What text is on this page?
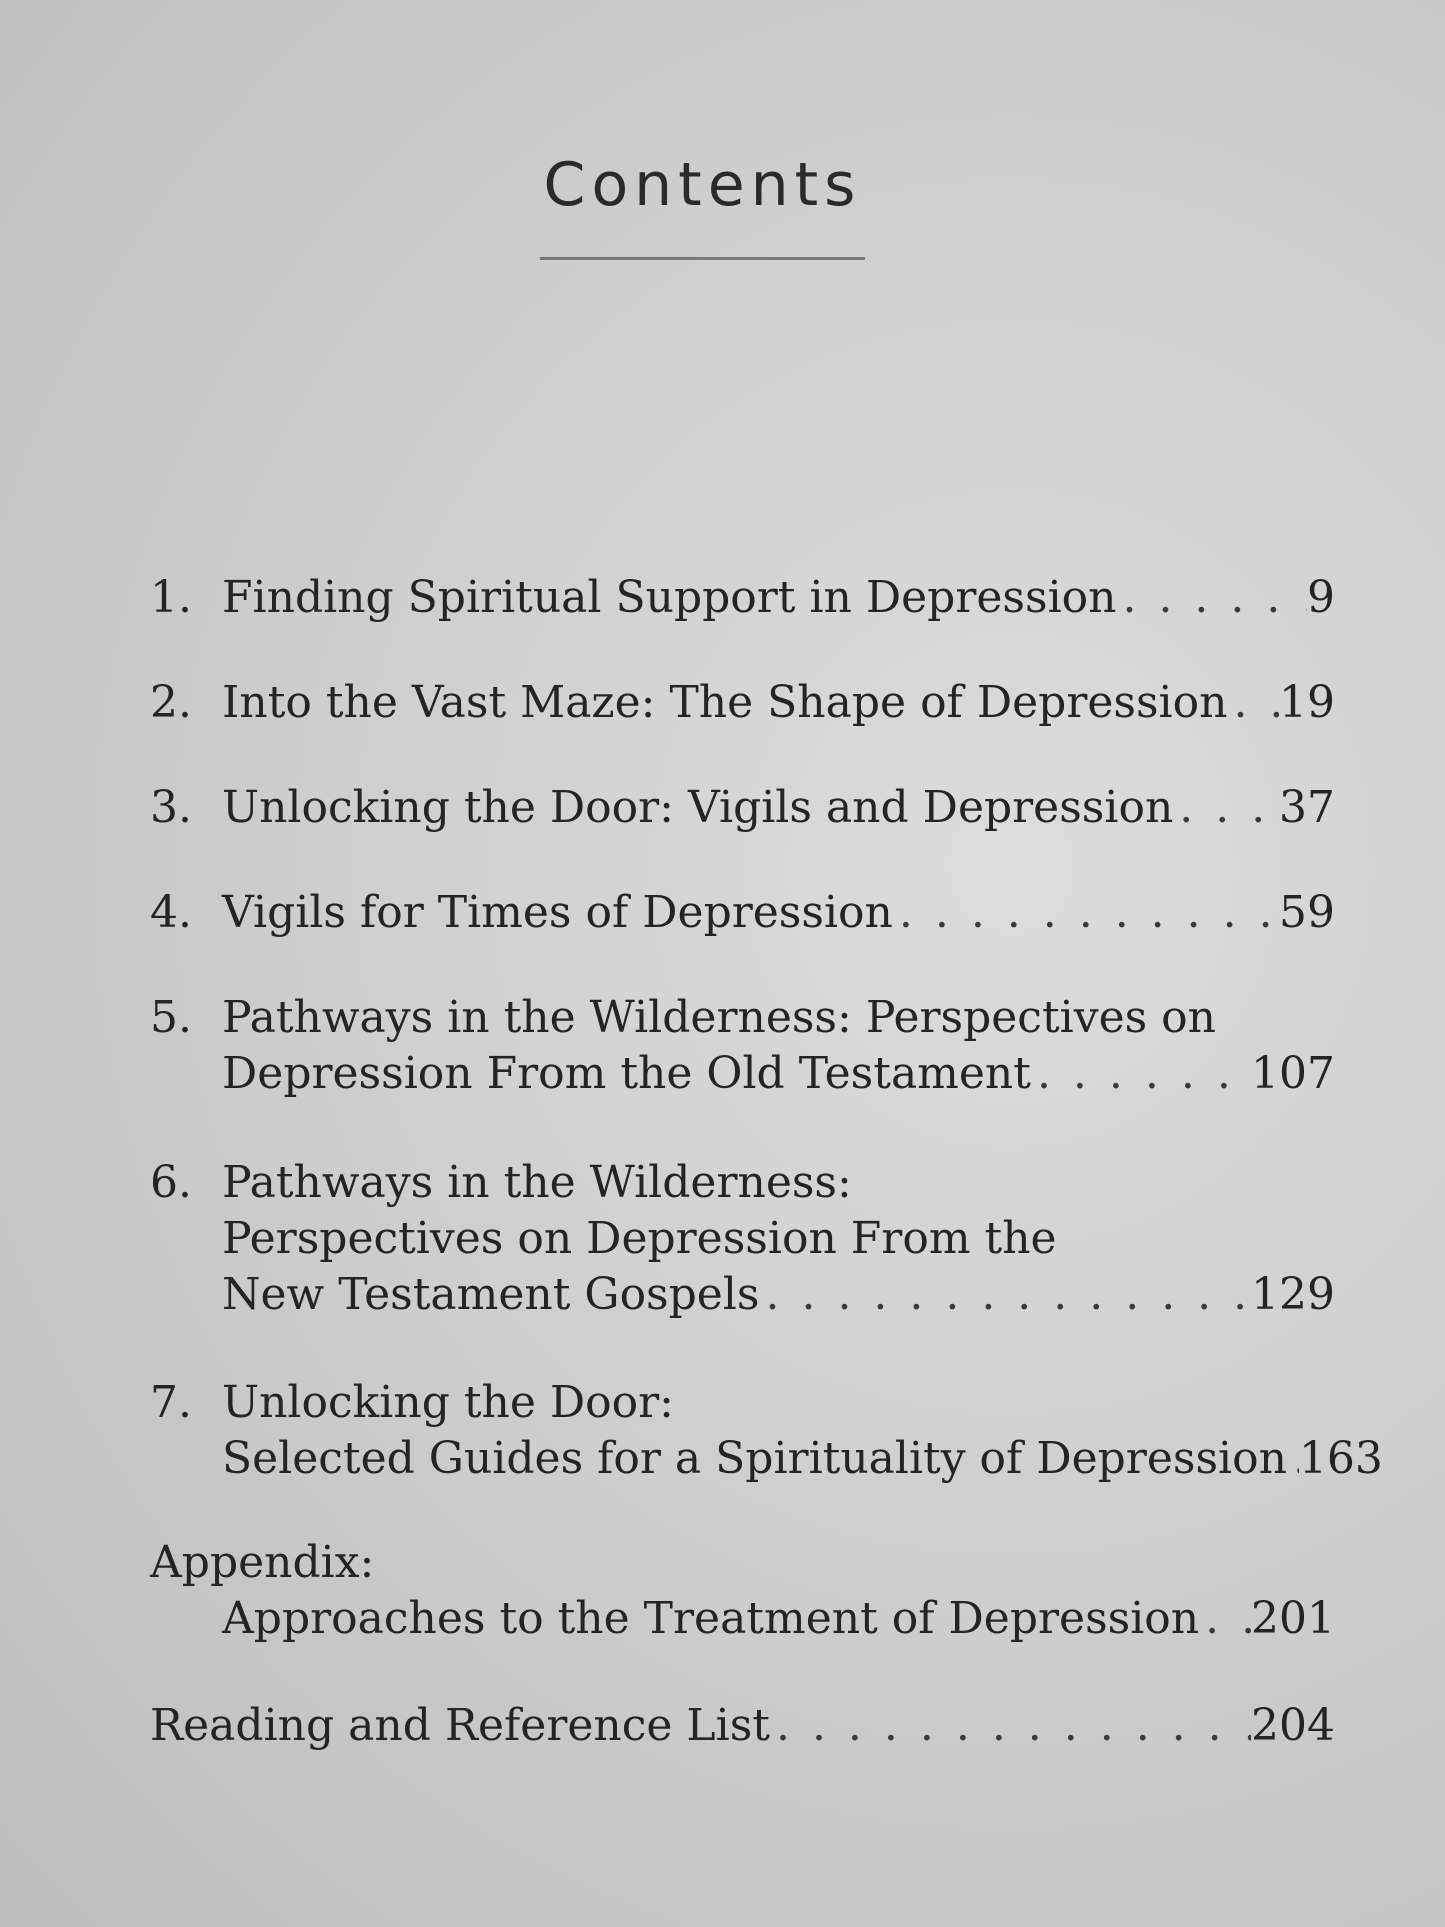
Contents
1. Finding Spiritual Support in Depression . . .	9
2. Into the Vast Maze: The Shape of Depression . . . 19
3. Unlocking the Door: Vigils and Depression . . . 37
4. Vigils for Times of Depression . . .	59
5. Pathways in the Wilderness: Perspectives on
Depression From the Old Testament . . .	107
6. Pathways in the Wilderness:
Perspectives on Depression From the
New Testament Gospels . . .	129
7. Unlocking the Door:
Selected Guides for a Spirituality of Depression . . . 163
Appendix:
Approaches to the Treatment of Depression . . . 201
Reading and Reference List . . .	204
